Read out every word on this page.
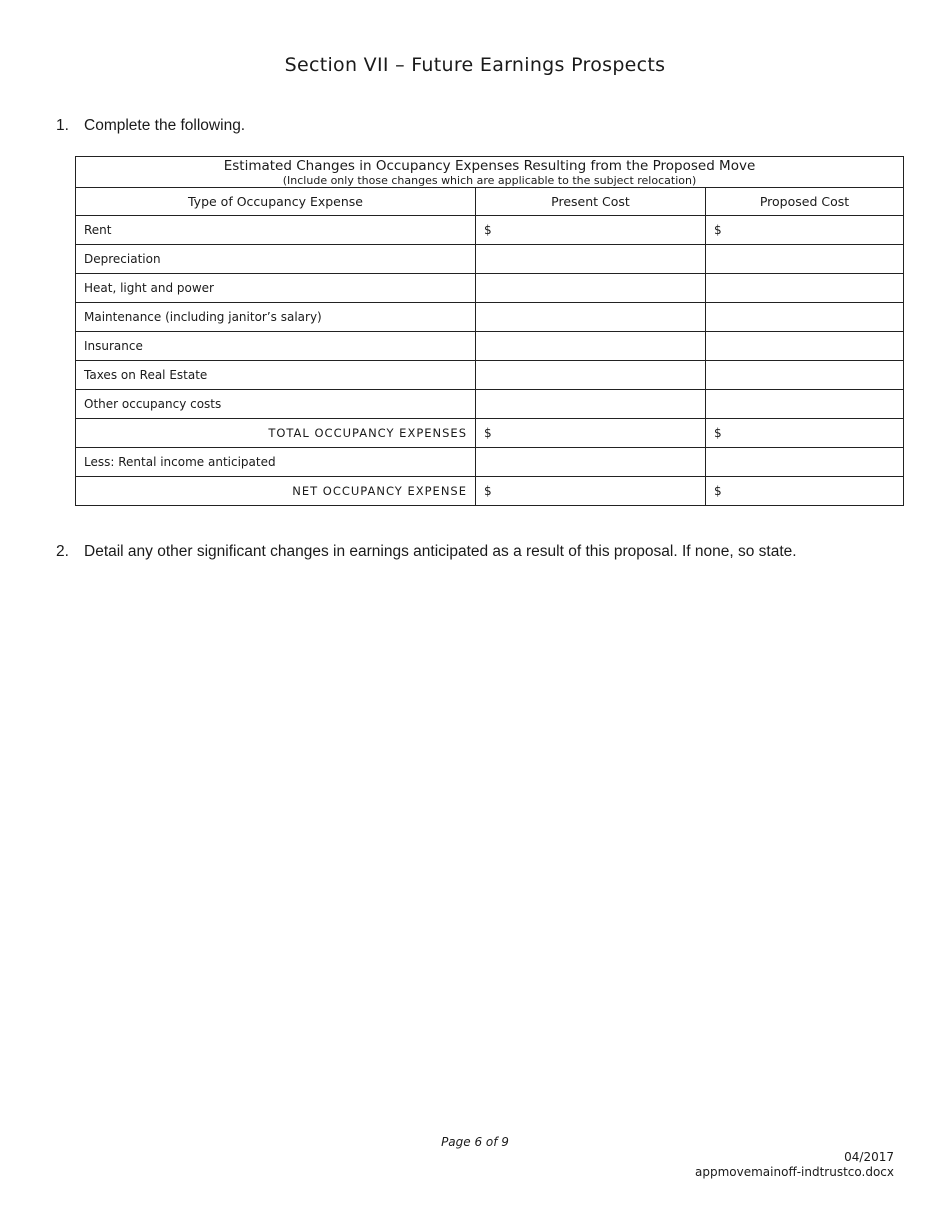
Section VII – Future Earnings Prospects
1. Complete the following.
Estimated Changes in Occupancy Expenses Resulting from the Proposed Move
(Include only those changes which are applicable to the subject relocation)		

Type of Occupancy Expense	Present Cost	Proposed Cost
Rent	$	$
Depreciation		
Heat, light and power		
Maintenance (including janitor’s salary)		
Insurance		
Taxes on Real Estate		
Other occupancy costs		
TOTAL OCCUPANCY EXPENSES	$	$
Less: Rental income anticipated		
NET OCCUPANCY EXPENSE	$	$
2. Detail any other significant changes in earnings anticipated as a result of this proposal. If none, so state.
Page 6 of 9
04/2017
appmovemainoff-indtrustco.docx
